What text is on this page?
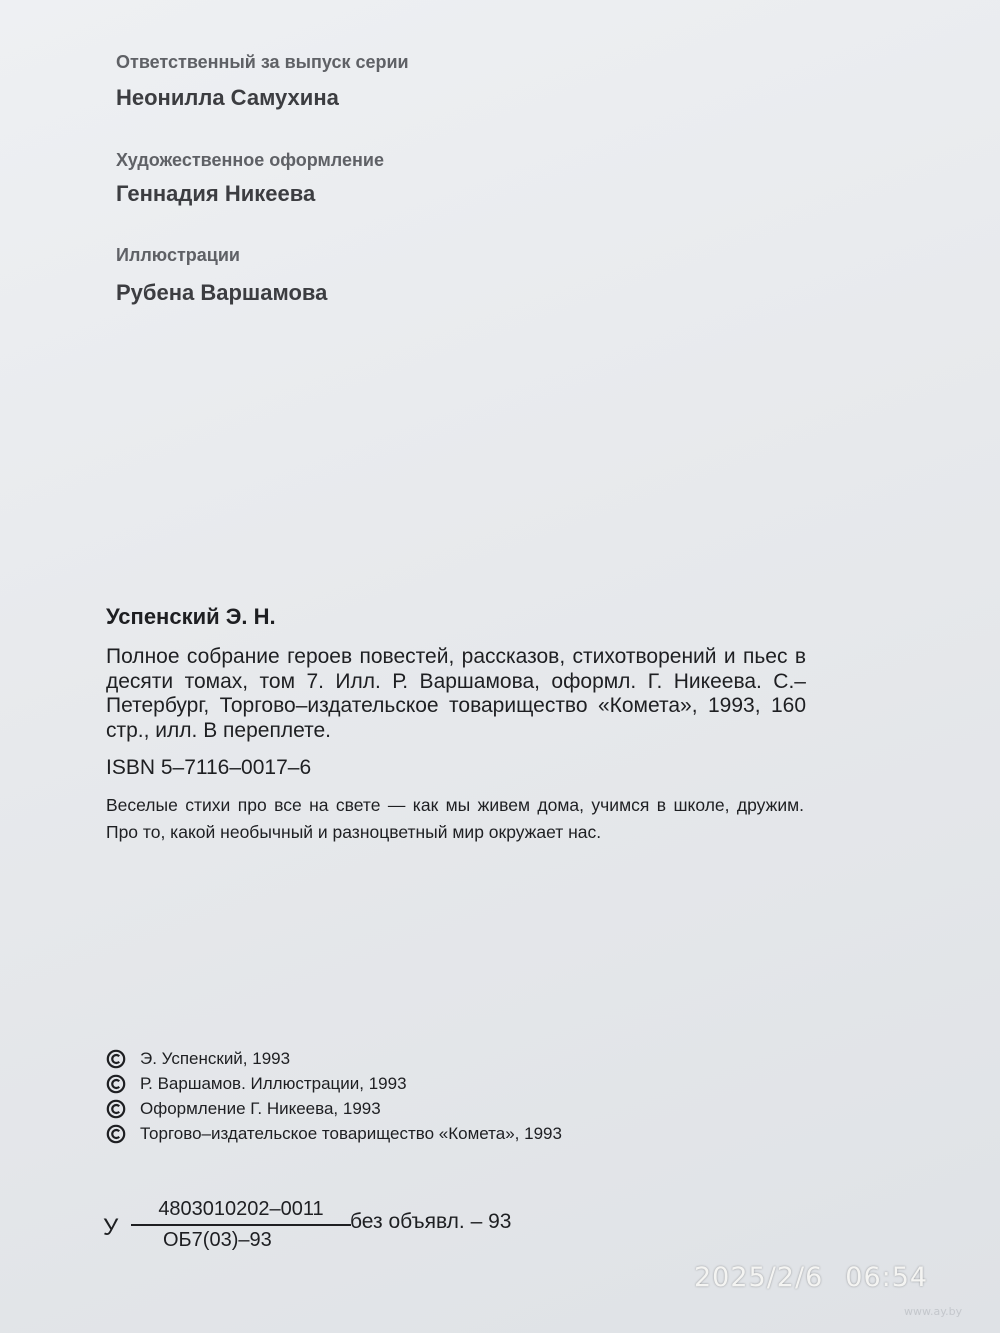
Ответственный за выпуск серии
Неонилла Самухина
Художественное оформление
Геннадия Никеева
Иллюстрации
Рубена Варшамова
Успенский Э. Н.
Полное собрание героев повестей, рассказов, стихотворений и пьес в десяти томах, том 7. Илл. Р. Варшамова, оформл. Г. Никеева. С.–Петербург, Торгово–издательское товарищество «Комета», 1993, 160 стр., илл. В переплете.
ISBN 5–7116–0017–6
Веселые стихи про все на свете — как мы живем дома, учимся в школе, дружим. Про то, какой необычный и разноцветный мир окружает нас.
Э. Успенский, 1993
Р. Варшамов. Иллюстрации, 1993
Оформление Г. Никеева, 1993
Торгово–издательское товарищество «Комета», 1993
У
4803010202–0011
ОБ7(03)–93
без объявл. – 93
2025/2/6 06:54
www.ay.by
